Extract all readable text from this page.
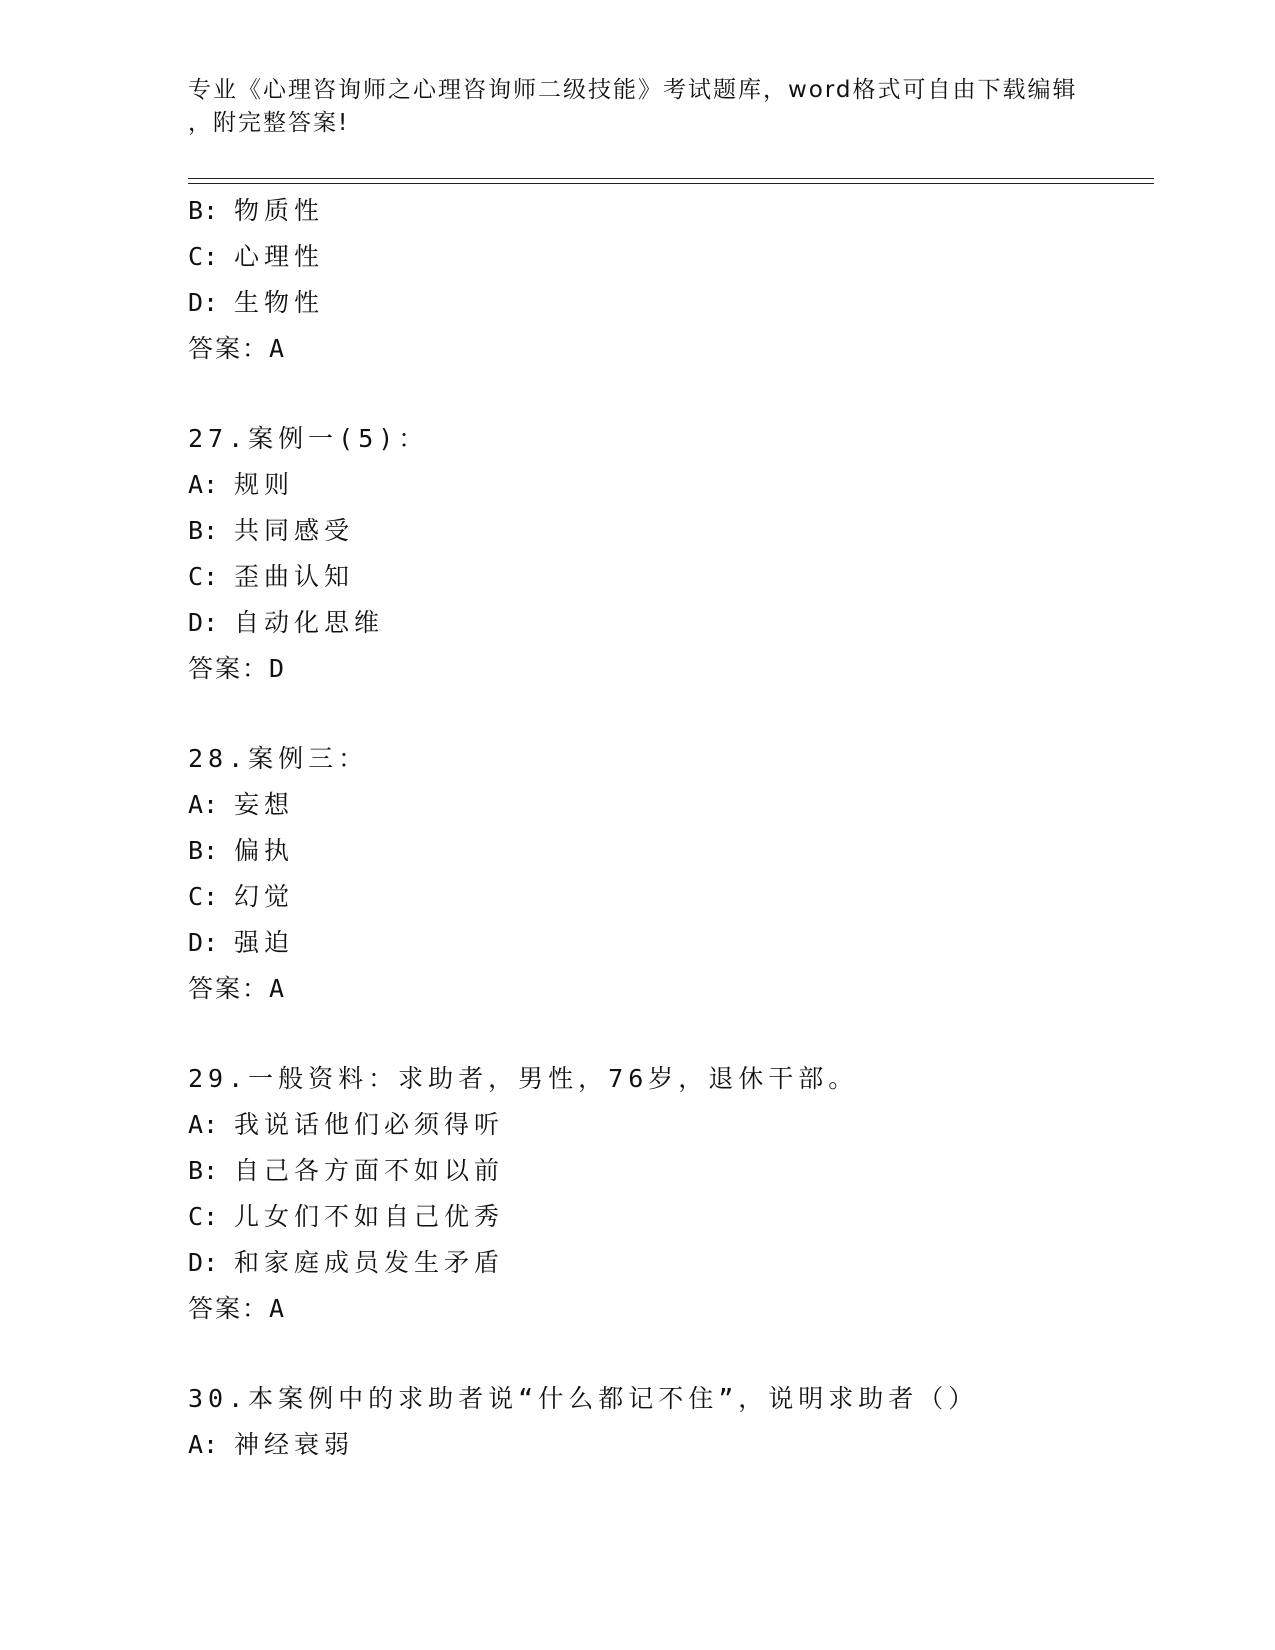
专业《心理咨询师之心理咨询师二级技能》考试题库，word格式可自由下载编辑
，附完整答案!
B: 物质性
C: 心理性
D: 生物性
答案：A
27.案例一(5)：
A: 规则
B: 共同感受
C: 歪曲认知
D: 自动化思维
答案：D
28.案例三：
A: 妄想
B: 偏执
C: 幻觉
D: 强迫
答案：A
29.一般资料：求助者，男性，76岁，退休干部。
A: 我说话他们必须得听
B: 自己各方面不如以前
C: 儿女们不如自己优秀
D: 和家庭成员发生矛盾
答案：A
30.本案例中的求助者说“什么都记不住”，说明求助者（）
A: 神经衰弱
